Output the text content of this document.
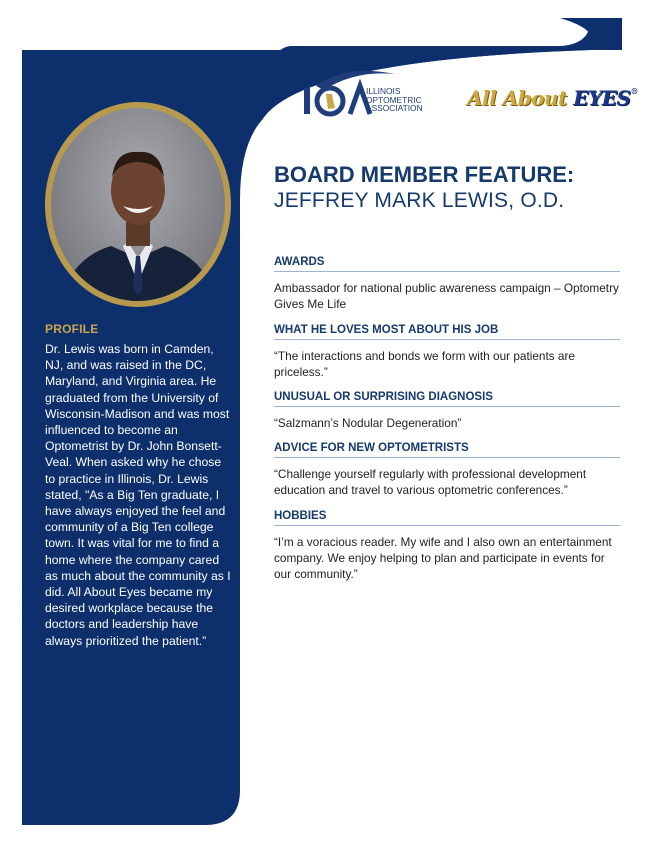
.
PROFILE
Dr. Lewis was born in Camden, NJ, and was raised in the DC, Maryland, and Virginia area. He graduated from the University of Wisconsin-Madison and was most influenced to become an Optometrist by Dr. John Bonsett-Veal. When asked why he chose to practice in Illinois, Dr. Lewis stated, "As a Big Ten graduate, I have always enjoyed the feel and community of a Big Ten college town. It was vital for me to find a home where the company cared as much about the community as I did. All About Eyes became my desired workplace because the doctors and leadership have always prioritized the patient.”
ILLINOIS
OPTOMETRIC
ASSOCIATION All About EYES®
BOARD MEMBER FEATURE:
JEFFREY MARK LEWIS, O.D.
AWARDS
Ambassador for national public awareness campaign – Optometry Gives Me Life
WHAT HE LOVES MOST ABOUT HIS JOB
“The interactions and bonds we form with our patients are priceless.”
UNUSUAL OR SURPRISING DIAGNOSIS
“Salzmann’s Nodular Degeneration”
ADVICE FOR NEW OPTOMETRISTS
“Challenge yourself regularly with professional development education and travel to various optometric conferences.”
HOBBIES
“I’m a voracious reader. My wife and I also own an entertainment company. We enjoy helping to plan and participate in events for our community.”
